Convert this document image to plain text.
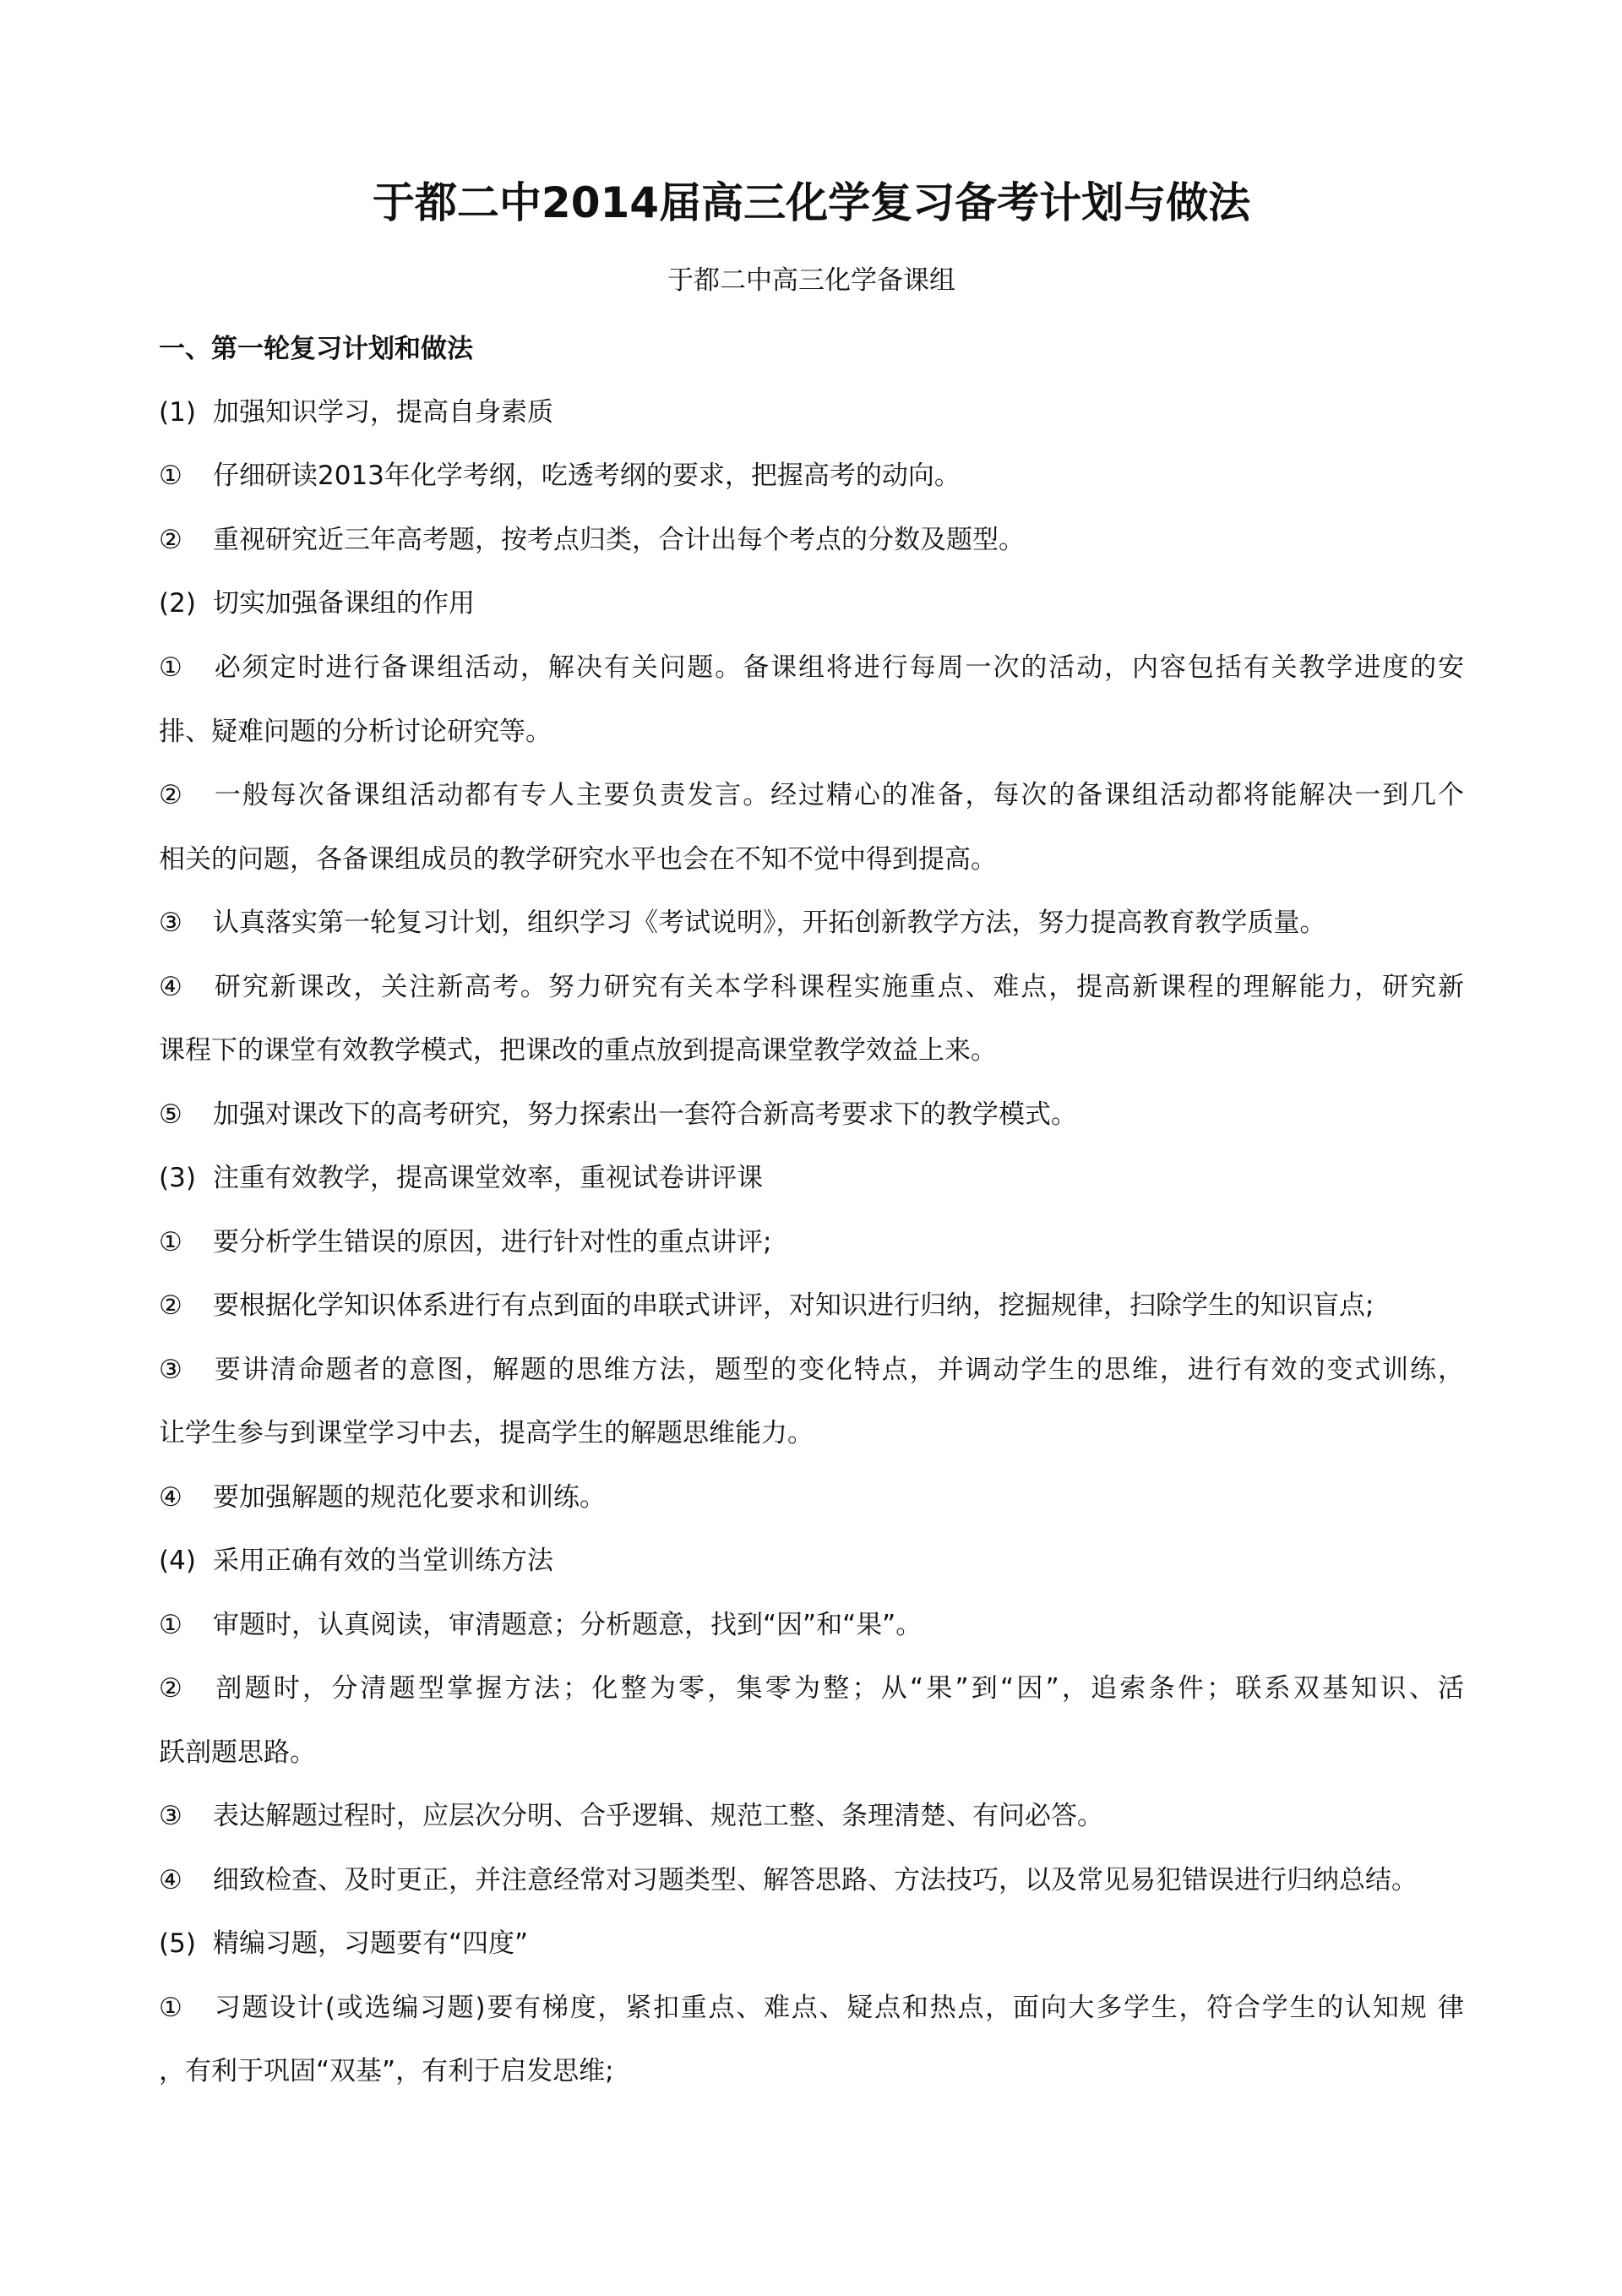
于都二中2014届高三化学复习备考计划与做法
于都二中高三化学备课组
一、第一轮复习计划和做法
(1) 加强知识学习，提高自身素质
① 仔细研读2013年化学考纲，吃透考纲的要求，把握高考的动向。
② 重视研究近三年高考题，按考点归类，合计出每个考点的分数及题型。
(2) 切实加强备课组的作用
① 必须定时进行备课组活动，解决有关问题。备课组将进行每周一次的活动，内容包括有关教学进度的安
排、疑难问题的分析讨论研究等。
② 一般每次备课组活动都有专人主要负责发言。经过精心的准备，每次的备课组活动都将能解决一到几个
相关的问题，各备课组成员的教学研究水平也会在不知不觉中得到提高。
③ 认真落实第一轮复习计划，组织学习《考试说明》，开拓创新教学方法，努力提高教育教学质量。
④ 研究新课改，关注新高考。努力研究有关本学科课程实施重点、难点，提高新课程的理解能力，研究新
课程下的课堂有效教学模式，把课改的重点放到提高课堂教学效益上来。
⑤ 加强对课改下的高考研究，努力探索出一套符合新高考要求下的教学模式。
(3) 注重有效教学，提高课堂效率，重视试卷讲评课
① 要分析学生错误的原因，进行针对性的重点讲评;
② 要根据化学知识体系进行有点到面的串联式讲评，对知识进行归纳，挖掘规律，扫除学生的知识盲点;
③ 要讲清命题者的意图，解题的思维方法，题型的变化特点，并调动学生的思维，进行有效的变式训练，
让学生参与到课堂学习中去，提高学生的解题思维能力。
④ 要加强解题的规范化要求和训练。
(4) 采用正确有效的当堂训练方法
① 审题时，认真阅读，审清题意；分析题意，找到“因”和“果”。
② 剖题时，分清题型掌握方法；化整为零，集零为整；从“果”到“因”，追索条件；联系双基知识、活
跃剖题思路。
③ 表达解题过程时，应层次分明、合乎逻辑、规范工整、条理清楚、有问必答。
④ 细致检查、及时更正，并注意经常对习题类型、解答思路、方法技巧，以及常见易犯错误进行归纳总结。
(5) 精编习题，习题要有“四度”
① 习题设计(或选编习题)要有梯度，紧扣重点、难点、疑点和热点，面向大多学生，符合学生的认知规 律
，有利于巩固“双基”，有利于启发思维;
